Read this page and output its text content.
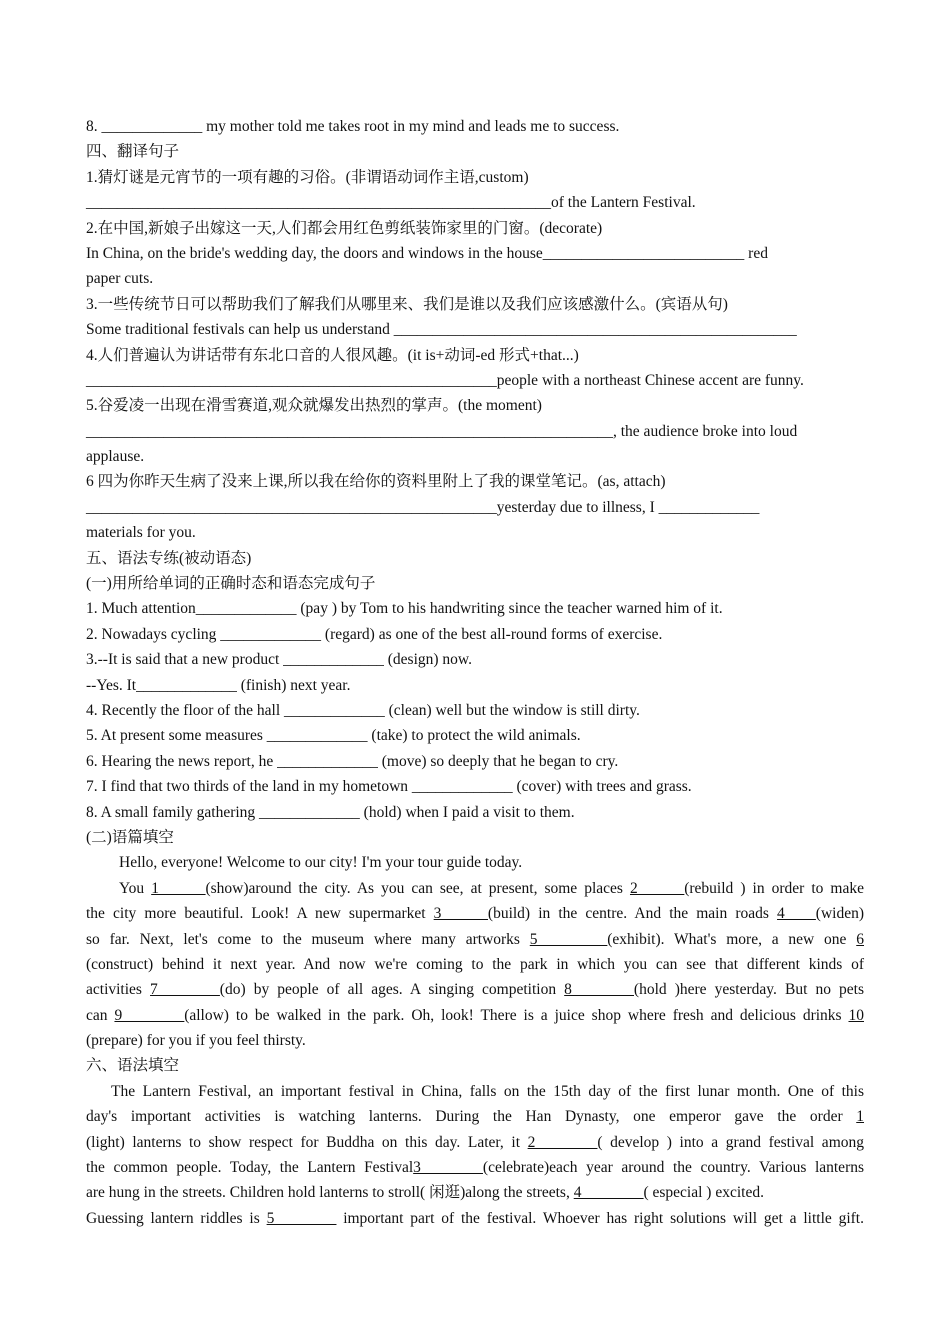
8. _____________ my mother told me takes root in my mind and leads me to success.
四、翻译句子
1.猜灯谜是元宵节的一项有趣的习俗。(非谓语动词作主语,custom)
____________________________________________________________of the Lantern Festival.
2.在中国,新娘子出嫁这一天,人们都会用红色剪纸装饰家里的门窗。(decorate)
In China, on the bride's wedding day, the doors and windows in the house__________________________ red
paper cuts.
3.一些传统节日可以帮助我们了解我们从哪里来、我们是谁以及我们应该感激什么。(宾语从句)
Some traditional festivals can help us understand ____________________________________________________
4.人们普遍认为讲话带有东北口音的人很风趣。(it is+动词-ed 形式+that...)
_____________________________________________________people with a northeast Chinese accent are funny.
5.谷爱凌一出现在滑雪赛道,观众就爆发出热烈的掌声。(the moment)
____________________________________________________________________, the audience broke into loud
applause.
6 四为你昨天生病了没来上课,所以我在给你的资料里附上了我的课堂笔记。(as, attach)
_____________________________________________________yesterday due to illness, I _____________
materials for you.
五、语法专练(被动语态)
(一)用所给单词的正确时态和语态完成句子
1. Much attention_____________ (pay ) by Tom to his handwriting since the teacher warned him of it.
2. Nowadays cycling _____________ (regard) as one of the best all-round forms of exercise.
3.--It is said that a new product _____________ (design) now.
--Yes. It_____________ (finish) next year.
4. Recently the floor of the hall _____________ (clean) well but the window is still dirty.
5. At present some measures _____________ (take) to protect the wild animals.
6. Hearing the news report, he _____________ (move) so deeply that he began to cry.
7. I find that two thirds of the land in my hometown _____________ (cover) with trees and grass.
8. A small family gathering _____________ (hold) when I paid a visit to them.
(二)语篇填空
Hello, everyone! Welcome to our city! I'm your tour guide today.
You 1______(show)around the city. As you can see, at present, some places 2______(rebuild ) in order to make
the city more beautiful. Look! A new supermarket 3______(build) in the centre. And the main roads 4____(widen)
so far. Next, let's come to the museum where many artworks 5_________(exhibit). What's more, a new one 6
(construct) behind it next year. And now we're coming to the park in which you can see that different kinds of
activities 7________(do) by people of all ages. A singing competition 8________(hold )here yesterday. But no pets
can 9________(allow) to be walked in the park. Oh, look! There is a juice shop where fresh and delicious drinks 10
(prepare) for you if you feel thirsty.
六、语法填空
The Lantern Festival, an important festival in China, falls on the 15th day of the first lunar month. One of this
day's important activities is watching lanterns. During the Han Dynasty, one emperor gave the order 1
(light) lanterns to show respect for Buddha on this day. Later, it 2________( develop ) into a grand festival among
the common people. Today, the Lantern Festival3________(celebrate)each year around the country. Various lanterns
are hung in the streets. Children hold lanterns to stroll( 闲逛)along the streets, 4________( especial ) excited.
Guessing lantern riddles is 5________ important part of the festival. Whoever has right solutions will get a little gift.
